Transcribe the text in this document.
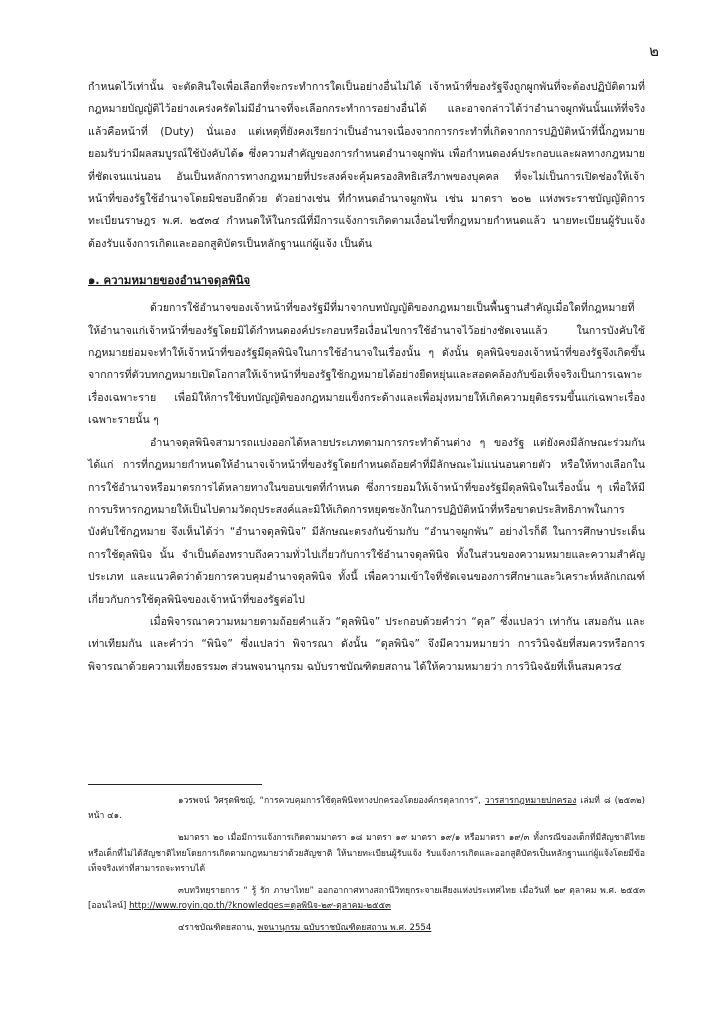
๒

กำหนดไว้เท่านั้น จะตัดสินใจเพื่อเลือกที่จะกระทำการใดเป็นอย่างอื่นไม่ได้ เจ้าหน้าที่ของรัฐจึงถูกผูกพันที่จะต้องปฏิบัติตามที่กฎหมายบัญญัติไว้อย่างเคร่งครัดไม่มีอำนาจที่จะเลือกกระทำการอย่างอื่นได้ และอาจกล่าวได้ว่าอำนาจผูกพันนั้นแท้ที่จริงแล้วคือหน้าที่ (Duty) นั่นเอง แต่เหตุที่ยังคงเรียกว่าเป็นอำนาจเนื่องจากการกระทำที่เกิดจากการปฏิบัติหน้าที่นี้กฎหมายยอมรับว่ามีผลสมบูรณ์ใช้บังคับได้๑ ซึ่งความสำคัญของการกำหนดอำนาจผูกพัน เพื่อกำหนดองค์ประกอบและผลทางกฎหมายที่ชัดเจนแน่นอน อันเป็นหลักการทางกฎหมายที่ประสงค์จะคุ้มครองสิทธิเสรีภาพของบุคคล ที่จะไม่เป็นการเปิดช่องให้เจ้าหน้าที่ของรัฐใช้อำนาจโดยมิชอบอีกด้วย ตัวอย่างเช่น ที่กำหนดอำนาจผูกพัน เช่น มาตรา ๒๐๒ แห่งพระราชบัญญัติการทะเบียนราษฎร พ.ศ. ๒๕๓๔ กำหนดให้ในกรณีที่มีการแจ้งการเกิดตามเงื่อนไขที่กฎหมายกำหนดแล้ว นายทะเบียนผู้รับแจ้งต้องรับแจ้งการเกิดและออกสูติบัตรเป็นหลักฐานแก่ผู้แจ้ง เป็นต้น

๑. ความหมายของอำนาจดุลพินิจ

ด้วยการใช้อำนาจของเจ้าหน้าที่ของรัฐมีที่มาจากบทบัญญัติของกฎหมายเป็นพื้นฐานสำคัญเมื่อใดที่กฎหมายที่ให้อำนาจแก่เจ้าหน้าที่ของรัฐโดยมิได้กำหนดองค์ประกอบหรือเงื่อนไขการใช้อำนาจไว้อย่างชัดเจนแล้ว ในการบังคับใช้กฎหมายย่อมจะทำให้เจ้าหน้าที่ของรัฐมีดุลพินิจในการใช้อำนาจในเรื่องนั้น ๆ ดังนั้น ดุลพินิจของเจ้าหน้าที่ของรัฐจึงเกิดขึ้นจากการที่ตัวบทกฎหมายเปิดโอกาสให้เจ้าหน้าที่ของรัฐใช้กฎหมายได้อย่างยืดหยุ่นและสอดคล้องกับข้อเท็จจริงเป็นการเฉพาะเรื่องเฉพาะราย เพื่อมิให้การใช้บทบัญญัติของกฎหมายแข็งกระด้างและเพื่อมุ่งหมายให้เกิดความยุติธรรมขึ้นแก่เฉพาะเรื่องเฉพาะรายนั้น ๆ

อำนาจดุลพินิจสามารถแบ่งออกได้หลายประเภทตามการกระทำด้านต่าง ๆ ของรัฐ แต่ยังคงมีลักษณะร่วมกัน ได้แก่ การที่กฎหมายกำหนดให้อำนาจเจ้าหน้าที่ของรัฐโดยกำหนดถ้อยคำที่มีลักษณะไม่แน่นอนตายตัว หรือให้ทางเลือกในการใช้อำนาจหรือมาตรการได้หลายทางในขอบเขตที่กำหนด ซึ่งการยอมให้เจ้าหน้าที่ของรัฐมีดุลพินิจในเรื่องนั้น ๆ เพื่อให้มีการบริหารกฎหมายให้เป็นไปตามวัตถุประสงค์และมิให้เกิดการหยุดชะงักในการปฏิบัติหน้าที่หรือขาดประสิทธิภาพในการบังคับใช้กฎหมาย จึงเห็นได้ว่า “อำนาจดุลพินิจ” มีลักษณะตรงกันข้ามกับ “อำนาจผูกพัน” อย่างไรก็ดี ในการศึกษาประเด็นการใช้ดุลพินิจ นั้น จำเป็นต้องทราบถึงความทั่วไปเกี่ยวกับการใช้อำนาจดุลพินิจ ทั้งในส่วนของความหมายและความสำคัญ ประเภท และแนวคิดว่าด้วยการควบคุมอำนาจดุลพินิจ ทั้งนี้ เพื่อความเข้าใจที่ชัดเจนของการศึกษาและวิเคราะห์หลักเกณฑ์เกี่ยวกับการใช้ดุลพินิจของเจ้าหน้าที่ของรัฐต่อไป

เมื่อพิจารณาความหมายตามถ้อยคำแล้ว “ดุลพินิจ” ประกอบด้วยคำว่า “ดุล” ซึ่งแปลว่า เท่ากัน เสมอกัน และเท่าเทียมกัน และคำว่า “พินิจ” ซึ่งแปลว่า พิจารณา ดังนั้น “ดุลพินิจ” จึงมีความหมายว่า การวินิจฉัยที่สมควรหรือการพิจารณาด้วยความเที่ยงธรรม๓ ส่วนพจนานุกรม ฉบับราชบัณฑิตยสถาน ได้ให้ความหมายว่า การวินิจฉัยที่เห็นสมควร๔

๑วรพจน์ วิศรุตพิชญ์, “การควบคุมการใช้ดุลพินิจทางปกครองโดยองค์กรตุลาการ”, วารสารกฎหมายปกครอง เล่มที่ ๘ (๒๕๓๒) หน้า ๔๑.

๒มาตรา ๒๐ เมื่อมีการแจ้งการเกิดตามมาตรา ๑๘ มาตรา ๑๙ มาตรา ๑๙/๑ หรือมาตรา ๑๙/๓ ทั้งกรณีของเด็กที่มีสัญชาติไทยหรือเด็กที่ไม่ได้สัญชาติไทยโดยการเกิดตามกฎหมายว่าด้วยสัญชาติ ให้นายทะเบียนผู้รับแจ้ง รับแจ้งการเกิดและออกสูติบัตรเป็นหลักฐานแก่ผู้แจ้งโดยมีข้อเท็จจริงเท่าที่สามารถจะทราบได้

๓บทวิทยุรายการ “ รู้ รัก ภาษาไทย” ออกอากาศทางสถานีวิทยุกระจายเสียงแห่งประเทศไทย เมื่อวันที่ ๒๙ ตุลาคม พ.ศ. ๒๕๕๓ [ออนไลน์] http://www.royin.go.th/?knowledges=ดุลพินิจ-๒๙-ตุลาคม-๒๕๕๓

๔ราชบัณฑิตยสถาน, พจนานุกรม ฉบับราชบัณฑิตยสถาน พ.ศ. 2554
